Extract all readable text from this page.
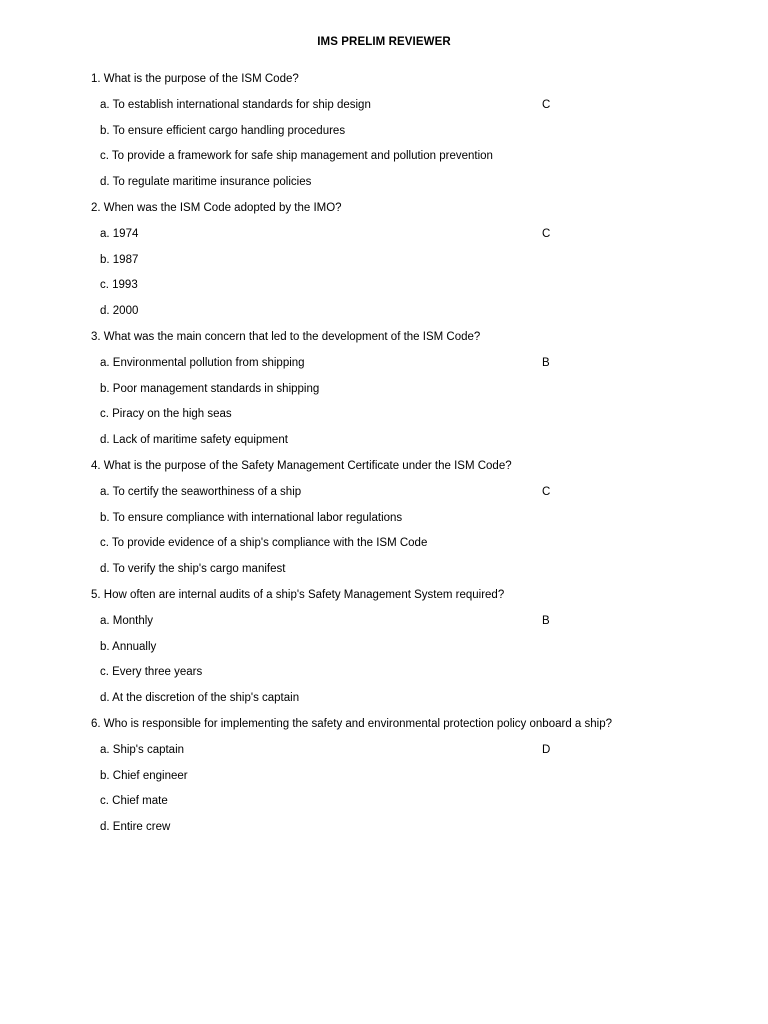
IMS PRELIM REVIEWER
1. What is the purpose of the ISM Code?
a. To establish international standards for ship design	C
b. To ensure efficient cargo handling procedures
c. To provide a framework for safe ship management and pollution prevention
d. To regulate maritime insurance policies
2. When was the ISM Code adopted by the IMO?
a. 1974	C
b. 1987
c. 1993
d. 2000
3. What was the main concern that led to the development of the ISM Code?
a. Environmental pollution from shipping	B
b. Poor management standards in shipping
c. Piracy on the high seas
d. Lack of maritime safety equipment
4. What is the purpose of the Safety Management Certificate under the ISM Code?
a. To certify the seaworthiness of a ship	C
b. To ensure compliance with international labor regulations
c. To provide evidence of a ship's compliance with the ISM Code
d. To verify the ship's cargo manifest
5. How often are internal audits of a ship's Safety Management System required?
a. Monthly	B
b. Annually
c. Every three years
d. At the discretion of the ship's captain
6. Who is responsible for implementing the safety and environmental protection policy onboard a ship?
a. Ship's captain	D
b. Chief engineer
c. Chief mate
d. Entire crew
